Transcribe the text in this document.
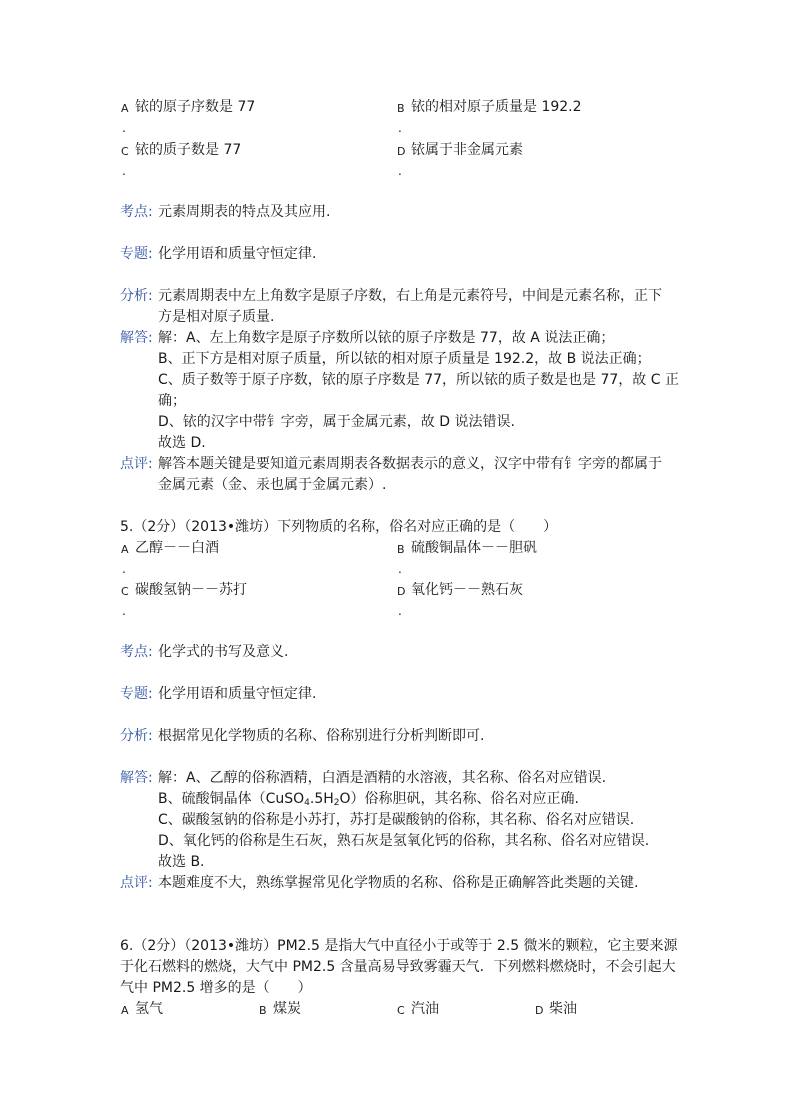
A 铱的原子序数是 77
.
B 铱的相对原子质量是 192.2
.
C 铱的质子数是 77
.
D 铱属于非金属元素
.
考点: 元素周期表的特点及其应用.
专题: 化学用语和质量守恒定律.
分析: 元素周期表中左上角数字是原子序数，右上角是元素符号，中间是元素名称，正下
方是相对原子质量.
解答: 解：A、左上角数字是原子序数所以铱的原子序数是 77，故 A 说法正确；
B、正下方是相对原子质量，所以铱的相对原子质量是 192.2，故 B 说法正确；
C、质子数等于原子序数，铱的原子序数是 77，所以铱的质子数是也是 77，故 C 正
确；
D、铱的汉字中带钅字旁，属于金属元素，故 D 说法错误.
故选 D.
点评: 解答本题关键是要知道元素周期表各数据表示的意义，汉字中带有钅字旁的都属于
金属元素（金、汞也属于金属元素）.
5.（2分）（2013•潍坊）下列物质的名称，俗名对应正确的是（　　）
A 乙醇－－白酒
.
B 硫酸铜晶体－－胆矾
.
C 碳酸氢钠－－苏打
.
D 氧化钙－－熟石灰
.
考点: 化学式的书写及意义.
专题: 化学用语和质量守恒定律.
分析: 根据常见化学物质的名称、俗称别进行分析判断即可.
解答: 解：A、乙醇的俗称酒精，白酒是酒精的水溶液，其名称、俗名对应错误.
B、硫酸铜晶体$(CuSO_4.5H_2O)$俗称胆矾，其名称、俗名对应正确.
C、碳酸氢钠的俗称是小苏打，苏打是碳酸钠的俗称，其名称、俗名对应错误.
D、氧化钙的俗称是生石灰，熟石灰是氢氧化钙的俗称，其名称、俗名对应错误.
故选 B.
点评: 本题难度不大，熟练掌握常见化学物质的名称、俗称是正确解答此类题的关键.
6.（2分）（2013•潍坊）PM2.5 是指大气中直径小于或等于 2.5 微米的颗粒，它主要来源
于化石燃料的燃烧，大气中 PM2.5 含量高易导致雾霾天气．下列燃料燃烧时，不会引起大
气中 PM2.5 增多的是（　　）
A 氢气	B 煤炭	C 汽油	D 柴油
